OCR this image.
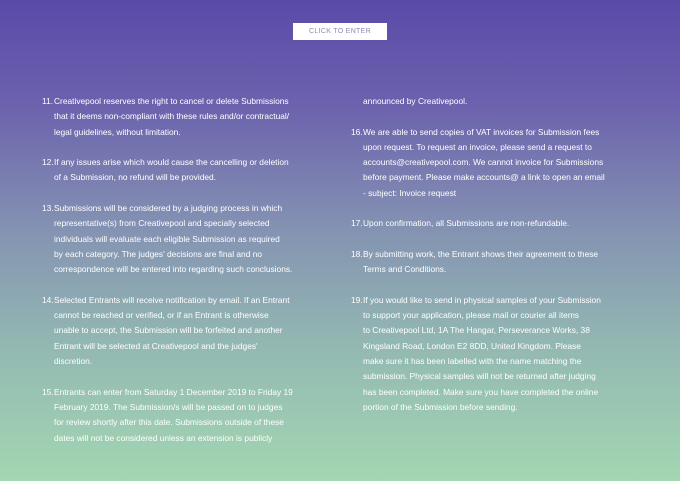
CLICK TO ENTER
11. Creativepool reserves the right to cancel or delete Submissions
that it deems non-compliant with these rules and/or contractual/
legal guidelines, without limitation.
12. If any issues arise which would cause the cancelling or deletion
of a Submission, no refund will be provided.
13. Submissions will be considered by a judging process in which
representative(s) from Creativepool and specially selected
individuals will evaluate each eligible Submission as required
by each category. The judges' decisions are final and no
correspondence will be entered into regarding such conclusions.
14. Selected Entrants will receive notification by email. If an Entrant
cannot be reached or verified, or if an Entrant is otherwise
unable to accept, the Submission will be forfeited and another
Entrant will be selected at Creativepool and the judges'
discretion.
15. Entrants can enter from Saturday 1 December 2019 to Friday 19
February 2019. The Submission/s will be passed on to judges
for review shortly after this date. Submissions outside of these
dates will not be considered unless an extension is publicly
announced by Creativepool.
16. We are able to send copies of VAT invoices for Submission fees
upon request. To request an invoice, please send a request to
accounts@creativepool.com. We cannot invoice for Submissions
before payment. Please make accounts@ a link to open an email
- subject: Invoice request
17. Upon confirmation, all Submissions are non-refundable.
18. By submitting work, the Entrant shows their agreement to these
Terms and Conditions.
19. If you would like to send in physical samples of your Submission
to support your application, please mail or courier all items
to Creativepool Ltd, 1A The Hangar, Perseverance Works, 38
Kingsland Road, London E2 8DD, United Kingdom. Please
make sure it has been labelled with the name matching the
submission. Physical samples will not be returned after judging
has been completed. Make sure you have completed the online
portion of the Submission before sending.
